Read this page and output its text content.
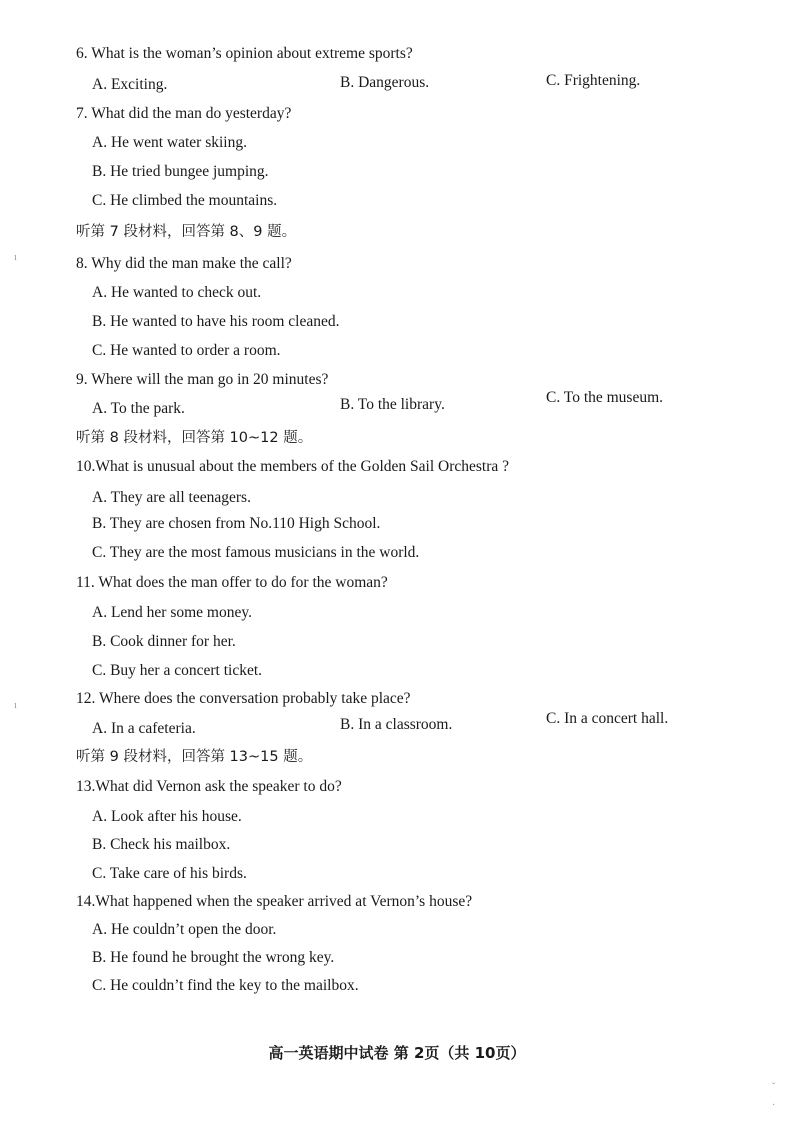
6. What is the woman’s opinion about extreme sports?
A. Exciting.	B. Dangerous.	C. Frightening.
7. What did the man do yesterday?
A. He went water skiing.
B. He tried bungee jumping.
C. He climbed the mountains.
听第 7 段材料，回答第 8、9 题。
8. Why did the man make the call?
A. He wanted to check out.
B. He wanted to have his room cleaned.
C. He wanted to order a room.
9. Where will the man go in 20 minutes?
A. To the park.	B. To the library.	C. To the museum.
听第 8 段材料，回答第 10~12 题。
10.What is unusual about the members of the Golden Sail Orchestra ?
A. They are all teenagers.
B. They are chosen from No.110 High School.
C. They are the most famous musicians in the world.
11. What does the man offer to do for the woman?
A. Lend her some money.
B. Cook dinner for her.
C. Buy her a concert ticket.
12. Where does the conversation probably take place?
A. In a cafeteria.	B. In a classroom.	C. In a concert hall.
听第 9 段材料，回答第 13~15 题。
13.What did Vernon ask the speaker to do?
A. Look after his house.
B. Check his mailbox.
C. Take care of his birds.
14.What happened when the speaker arrived at Vernon’s house?
A. He couldn’t open the door.
B. He found he brought the wrong key.
C. He couldn’t find the key to the mailbox.
高一英语期中试卷 第 2页（共 10页）
ı
ı
ˇ
·
